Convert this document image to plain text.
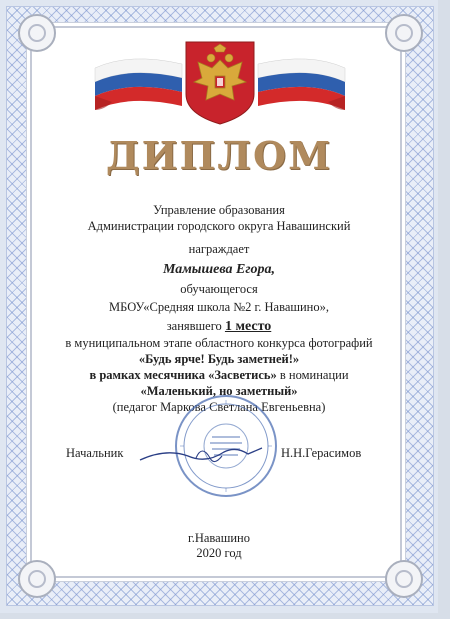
ДИПЛОМ
Управление образования
Администрации городского округа Навашинский
награждает
Мамышева Егора,
обучающегося
МБОУ«Средняя школа №2 г. Навашино»,
занявшего 1 место
в муниципальном этапе областного конкурса фотографий
«Будь ярче! Будь заметней!»
в рамках месячника «Засветись» в номинации
«Маленький, но заметный»
(педагог Маркова Светлана Евгеньевна)
Начальник	Н.Н.Герасимов
г.Навашино
2020 год
